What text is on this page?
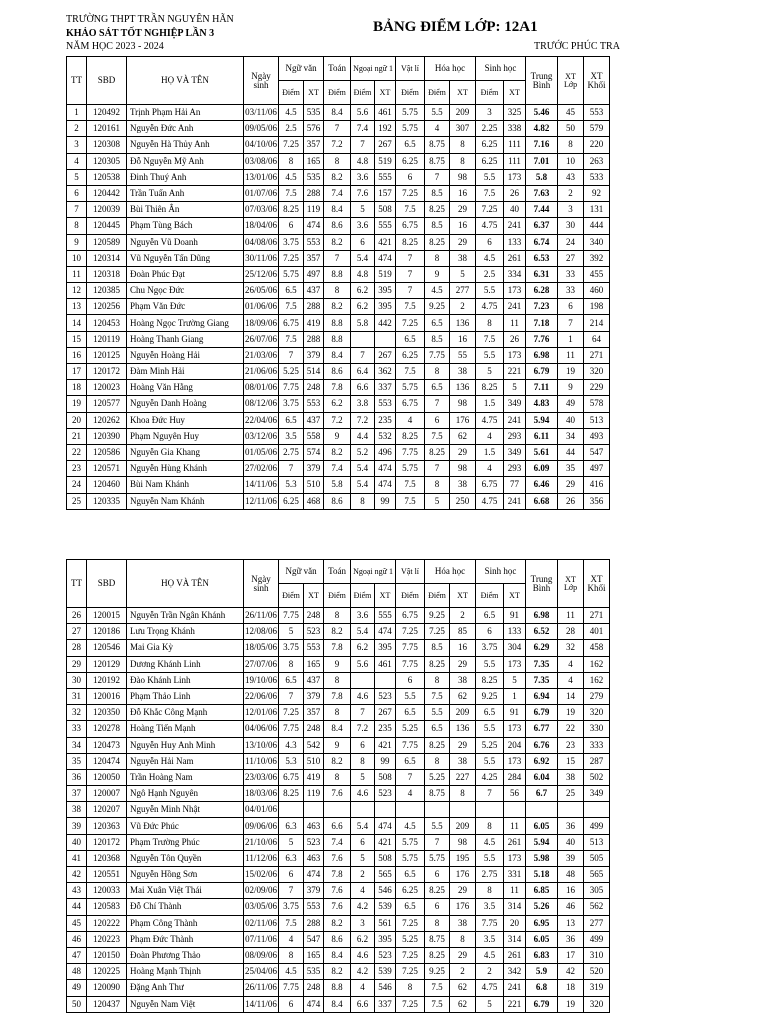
TRƯỜNG THPT TRẦN NGUYÊN HÃN
KHẢO SÁT TỐT NGHIỆP LẦN 3
NĂM HỌC 2023 - 2024
BẢNG ĐIỂM LỚP: 12A1
TRƯỚC PHÚC TRA
TT	SBD	HỌ VÀ TÊN	Ngày sinh	Ngữ văn		Toán	Ngoại ngữ 1		Vật lí	Hóa học		Sinh học		Trung Bình	XT Lớp	XT Khối
				Điểm	XT	Điểm	Điểm	XT	Điểm	Điểm	XT	Điểm	XT			
1	120492	Trịnh Phạm Hải An	03/11/06	4.5	535	8.4	5.6	461	5.75	5.5	209	3	325	5.46	45	553
2	120161	Nguyễn Đức Anh	09/05/06	2.5	576	7	7.4	192	5.75	4	307	2.25	338	4.82	50	579
3	120308	Nguyễn Hà Thủy Anh	04/10/06	7.25	357	7.2	7	267	6.5	8.75	8	6.25	111	7.16	8	220
4	120305	Đỗ Nguyễn Mỹ Anh	03/08/06	8	165	8	4.8	519	6.25	8.75	8	6.25	111	7.01	10	263
5	120538	Đinh Thuý Anh	13/01/06	4.5	535	8.2	3.6	555	6	7	98	5.5	173	5.8	43	533
6	120442	Trần Tuấn Anh	01/07/06	7.5	288	7.4	7.6	157	7.25	8.5	16	7.5	26	7.63	2	92
7	120039	Bùi Thiên Ân	07/03/06	8.25	119	8.4	5	508	7.5	8.25	29	7.25	40	7.44	3	131
8	120445	Phạm Tùng Bách	18/04/06	6	474	8.6	3.6	555	6.75	8.5	16	4.75	241	6.37	30	444
9	120589	Nguyễn Vũ Doanh	04/08/06	3.75	553	8.2	6	421	8.25	8.25	29	6	133	6.74	24	340
10	120314	Vũ Nguyễn Tấn Dũng	30/11/06	7.25	357	7	5.4	474	7	8	38	4.5	261	6.53	27	392
11	120318	Đoàn Phúc Đạt	25/12/06	5.75	497	8.8	4.8	519	7	9	5	2.5	334	6.31	33	455
12	120385	Chu Ngọc Đức	26/05/06	6.5	437	8	6.2	395	7	4.5	277	5.5	173	6.28	33	460
13	120256	Phạm Văn Đức	01/06/06	7.5	288	8.2	6.2	395	7.5	9.25	2	4.75	241	7.23	6	198
14	120453	Hoàng Ngọc Trường Giang	18/09/06	6.75	419	8.8	5.8	442	7.25	6.5	136	8	11	7.18	7	214
15	120119	Hoàng Thanh Giang	26/07/06	7.5	288	8.8			6.5	8.5	16	7.5	26	7.76	1	64
16	120125	Nguyễn Hoàng Hải	21/03/06	7	379	8.4	7	267	6.25	7.75	55	5.5	173	6.98	11	271
17	120172	Đàm Minh Hải	21/06/06	5.25	514	8.6	6.4	362	7.5	8	38	5	221	6.79	19	320
18	120023	Hoàng Văn Hằng	08/01/06	7.75	248	7.8	6.6	337	5.75	6.5	136	8.25	5	7.11	9	229
19	120577	Nguyễn Danh Hoàng	08/12/06	3.75	553	6.2	3.8	553	6.75	7	98	1.5	349	4.83	49	578
20	120262	Khoa Đức Huy	22/04/06	6.5	437	7.2	7.2	235	4	6	176	4.75	241	5.94	40	513
21	120390	Phạm Nguyên Huy	03/12/06	3.5	558	9	4.4	532	8.25	7.5	62	4	293	6.11	34	493
22	120586	Nguyễn Gia Khang	01/05/06	2.75	574	8.2	5.2	496	7.75	8.25	29	1.5	349	5.61	44	547
23	120571	Nguyễn Hùng Khánh	27/02/06	7	379	7.4	5.4	474	5.75	7	98	4	293	6.09	35	497
24	120460	Bùi Nam Khánh	14/11/06	5.3	510	5.8	5.4	474	7.5	8	38	6.75	77	6.46	29	416
25	120335	Nguyễn Nam Khánh	12/11/06	6.25	468	8.6	8	99	7.5	5	250	4.75	241	6.68	26	356
TT	SBD	HỌ VÀ TÊN	Ngày sinh	Ngữ văn		Toán	Ngoại ngữ 1		Vật lí	Hóa học		Sinh học		Trung Bình	XT Lớp	XT Khối
				Điểm	XT	Điểm	Điểm	XT	Điểm	Điểm	XT	Điểm	XT			
26	120015	Nguyễn Trần Ngân Khánh	26/11/06	7.75	248	8	3.6	555	6.75	9.25	2	6.5	91	6.98	11	271
27	120186	Lưu Trọng Khánh	12/08/06	5	523	8.2	5.4	474	7.25	7.25	85	6	133	6.52	28	401
28	120546	Mai Gia Kỳ	18/05/06	3.75	553	7.8	6.2	395	7.75	8.5	16	3.75	304	6.29	32	458
29	120129	Dương Khánh Linh	27/07/06	8	165	9	5.6	461	7.75	8.25	29	5.5	173	7.35	4	162
30	120192	Đào Khánh Linh	19/10/06	6.5	437	8			6	8	38	8.25	5	7.35	4	162
31	120016	Phạm Thảo Linh	22/06/06	7	379	7.8	4.6	523	5.5	7.5	62	9.25	1	6.94	14	279
32	120350	Đỗ Khắc Công Mạnh	12/01/06	7.25	357	8	7	267	6.5	5.5	209	6.5	91	6.79	19	320
33	120278	Hoàng Tiến Mạnh	04/06/06	7.75	248	8.4	7.2	235	5.25	6.5	136	5.5	173	6.77	22	330
34	120473	Nguyễn Huy Anh Minh	13/10/06	4.3	542	9	6	421	7.75	8.25	29	5.25	204	6.76	23	333
35	120474	Nguyễn Hải Nam	11/10/06	5.3	510	8.2	8	99	6.5	8	38	5.5	173	6.92	15	287
36	120050	Trần Hoàng Nam	23/03/06	6.75	419	8	5	508	7	5.25	227	4.25	284	6.04	38	502
37	120007	Ngô Hạnh Nguyên	18/03/06	8.25	119	7.6	4.6	523	4	8.75	8	7	56	6.7	25	349
38	120207	Nguyễn Minh Nhật	04/01/06													
39	120363	Vũ Đức Phúc	09/06/06	6.3	463	6.6	5.4	474	4.5	5.5	209	8	11	6.05	36	499
40	120172	Phạm Trường Phúc	21/10/06	5	523	7.4	6	421	5.75	7	98	4.5	261	5.94	40	513
41	120368	Nguyễn Tôn Quyền	11/12/06	6.3	463	7.6	5	508	5.75	5.75	195	5.5	173	5.98	39	505
42	120551	Nguyễn Hồng Sơn	15/02/06	6	474	7.8	2	565	6.5	6	176	2.75	331	5.18	48	565
43	120033	Mai Xuân Việt Thái	02/09/06	7	379	7.6	4	546	6.25	8.25	29	8	11	6.85	16	305
44	120583	Đỗ Chí Thành	03/05/06	3.75	553	7.6	4.2	539	6.5	6	176	3.5	314	5.26	46	562
45	120222	Phạm Công Thành	02/11/06	7.5	288	8.2	3	561	7.25	8	38	7.75	20	6.95	13	277
46	120223	Phạm Đức Thành	07/11/06	4	547	8.6	6.2	395	5.25	8.75	8	3.5	314	6.05	36	499
47	120150	Đoàn Phương Thảo	08/09/06	8	165	8.4	4.6	523	7.25	8.25	29	4.5	261	6.83	17	310
48	120225	Hoàng Mạnh Thịnh	25/04/06	4.5	535	8.2	4.2	539	7.25	9.25	2	2	342	5.9	42	520
49	120090	Đặng Anh Thư	26/11/06	7.75	248	8.8	4	546	8	7.5	62	4.75	241	6.8	18	319
50	120437	Nguyễn Nam Việt	14/11/06	6	474	8.4	6.6	337	7.25	7.5	62	5	221	6.79	19	320
